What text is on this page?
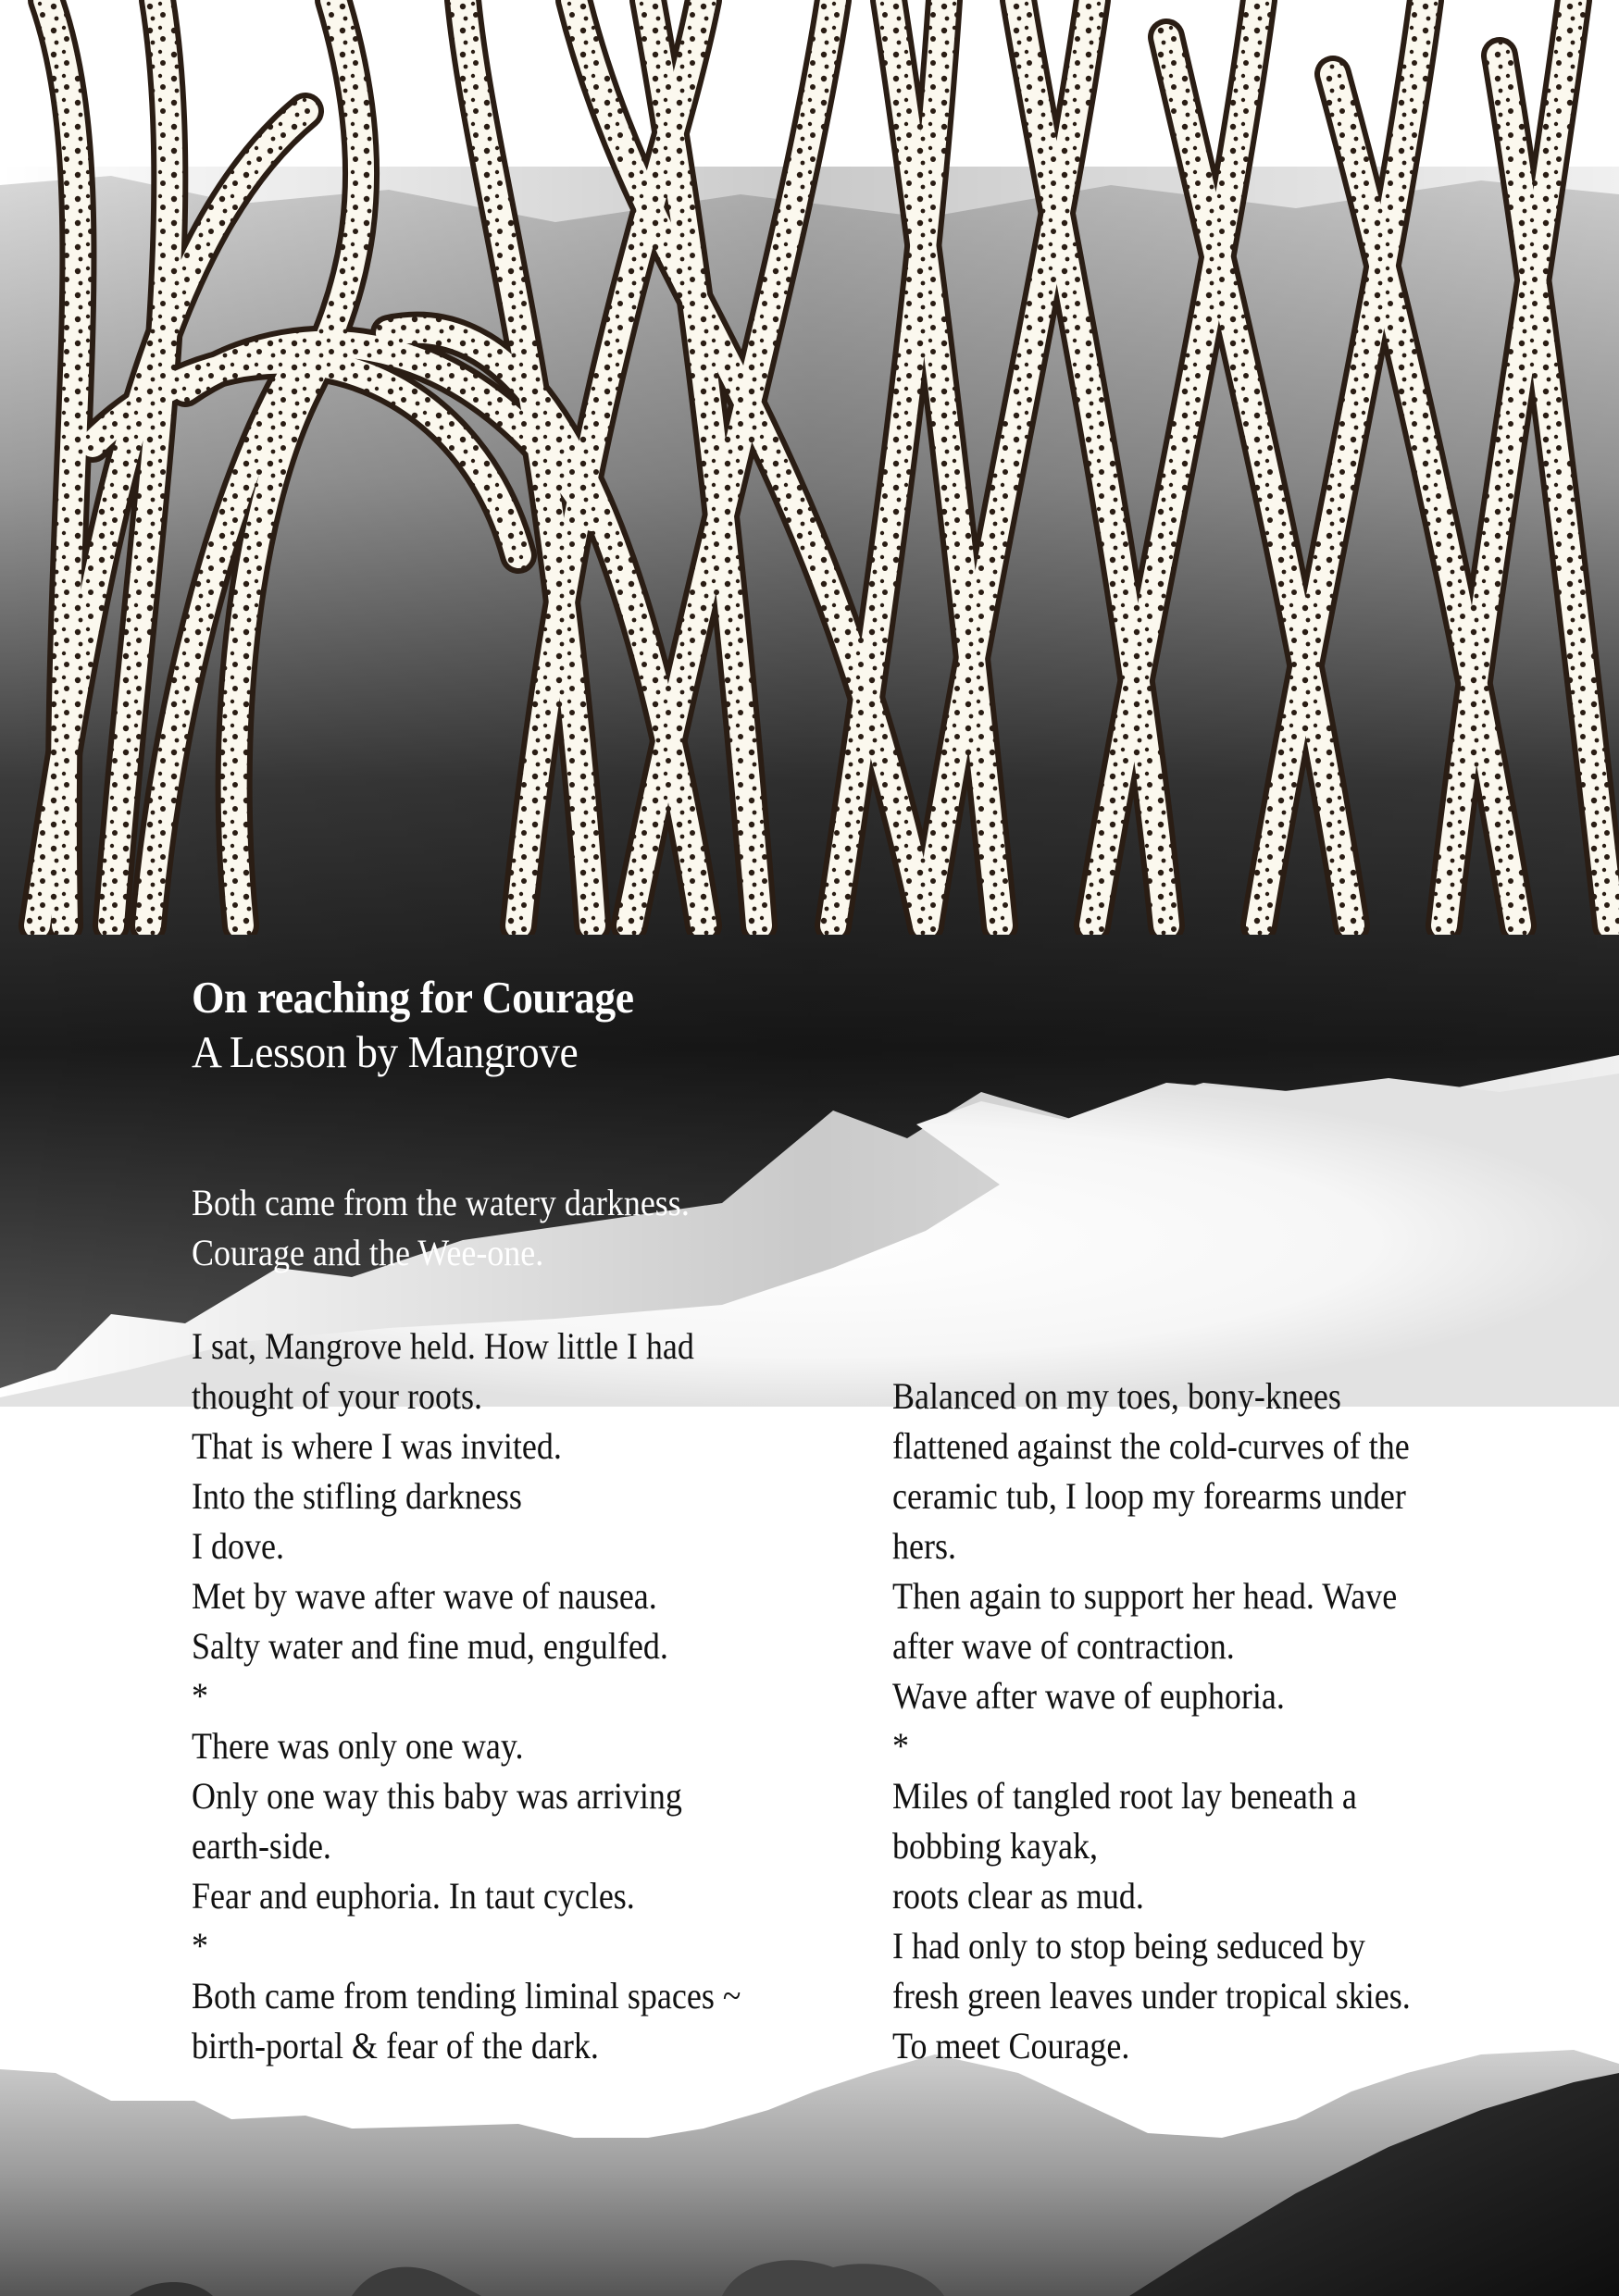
On reaching for Courage
A Lesson by Mangrove
Both came from the watery darkness.
Courage and the Wee-one.
I sat, Mangrove held. How little I had
thought of your roots.
That is where I was invited.
Into the stifling darkness
I dove.
Met by wave after wave of nausea.
Salty water and fine mud, engulfed.
*
There was only one way.
Only one way this baby was arriving
earth-side.
Fear and euphoria. In taut cycles.
*
Both came from tending liminal spaces ~
birth-portal & fear of the dark.
Balanced on my toes, bony-knees
flattened against the cold-curves of the
ceramic tub, I loop my forearms under
hers.
Then again to support her head. Wave
after wave of contraction.
Wave after wave of euphoria.
*
Miles of tangled root lay beneath a
bobbing kayak,
roots clear as mud.
I had only to stop being seduced by
fresh green leaves under tropical skies.
To meet Courage.
